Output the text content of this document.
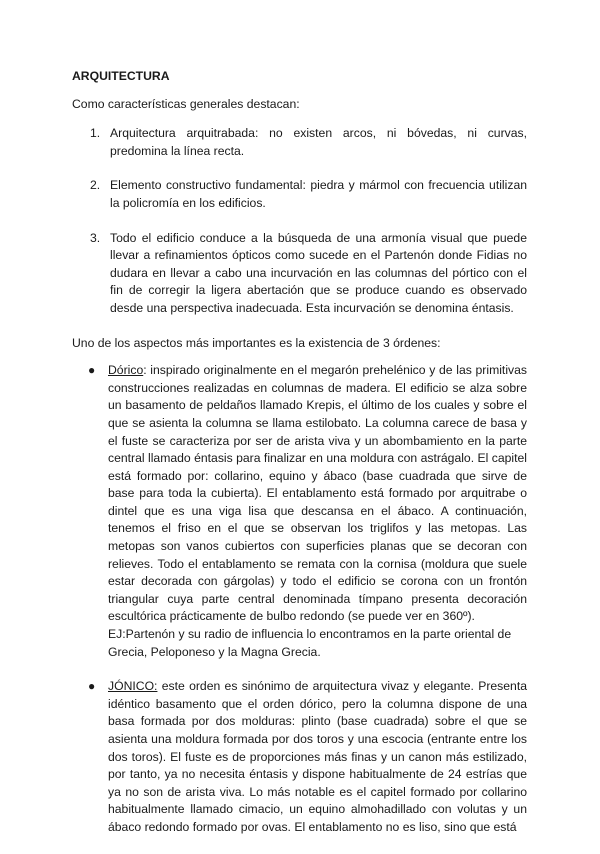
ARQUITECTURA
Como características generales destacan:
1. Arquitectura arquitrabada: no existen arcos, ni bóvedas, ni curvas, predomina la línea recta.
2. Elemento constructivo fundamental: piedra y mármol con frecuencia utilizan la policromía en los edificios.
3. Todo el edificio conduce a la búsqueda de una armonía visual que puede llevar a refinamientos ópticos como sucede en el Partenón donde Fidias no dudara en llevar a cabo una incurvación en las columnas del pórtico con el fin de corregir la ligera abertación que se produce cuando es observado desde una perspectiva inadecuada. Esta incurvación se denomina éntasis.
Uno de los aspectos más importantes es la existencia de 3 órdenes:
● Dórico: inspirado originalmente en el megarón prehelénico y de las primitivas construcciones realizadas en columnas de madera. El edificio se alza sobre un basamento de peldaños llamado Krepis, el último de los cuales y sobre el que se asienta la columna se llama estilobato. La columna carece de basa y el fuste se caracteriza por ser de arista viva y un abombamiento en la parte central llamado éntasis para finalizar en una moldura con astrágalo. El capitel está formado por: collarino, equino y ábaco (base cuadrada que sirve de base para toda la cubierta). El entablamento está formado por arquitrabe o dintel que es una viga lisa que descansa en el ábaco. A continuación, tenemos el friso en el que se observan los triglifos y las metopas. Las metopas son vanos cubiertos con superficies planas que se decoran con relieves. Todo el entablamento se remata con la cornisa (moldura que suele estar decorada con gárgolas) y todo el edificio se corona con un frontón triangular cuya parte central denominada tímpano presenta decoración escultórica prácticamente de bulbo redondo (se puede ver en 360º).
EJ:Partenón y su radio de influencia lo encontramos en la parte oriental de Grecia, Peloponeso y la Magna Grecia.
● JÓNICO: este orden es sinónimo de arquitectura vivaz y elegante. Presenta idéntico basamento que el orden dórico, pero la columna dispone de una basa formada por dos molduras: plinto (base cuadrada) sobre el que se asienta una moldura formada por dos toros y una escocia (entrante entre los dos toros). El fuste es de proporciones más finas y un canon más estilizado, por tanto, ya no necesita éntasis y dispone habitualmente de 24 estrías que ya no son de arista viva. Lo más notable es el capitel formado por collarino habitualmente llamado cimacio, un equino almohadillado con volutas y un ábaco redondo formado por ovas. El entablamento no es liso, sino que está
